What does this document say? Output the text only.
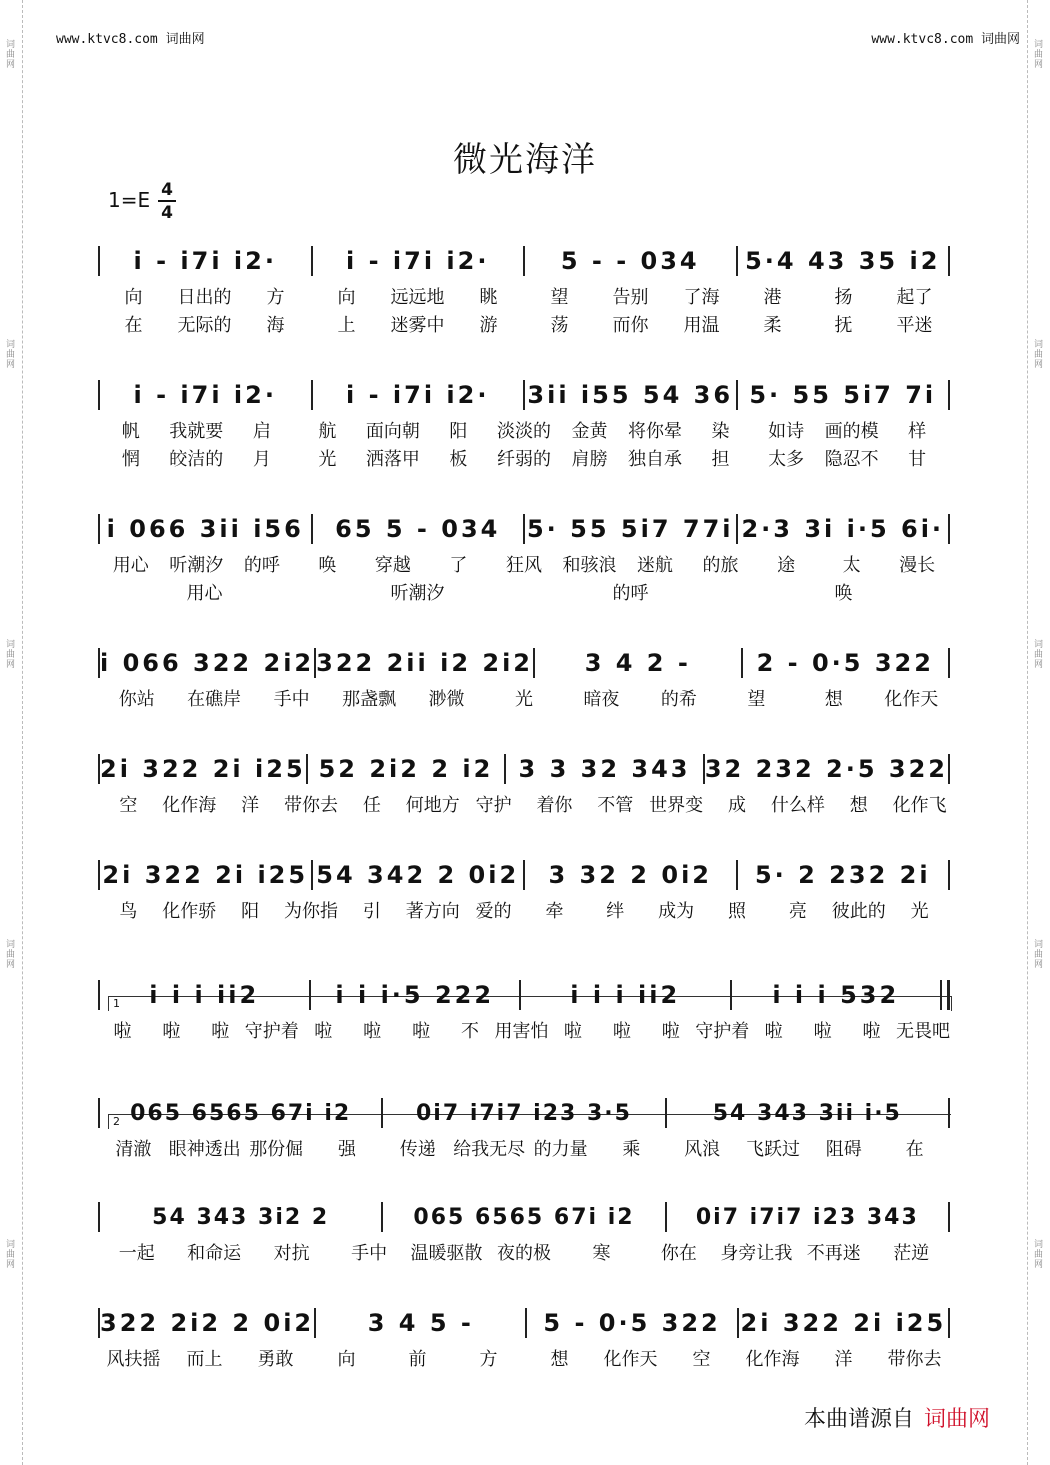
词曲网
词曲网
词曲网
词曲网
词曲网
词曲网
词曲网
词曲网
词曲网
词曲网
www.ktvc8.com 词曲网	www.ktvc8.com 词曲网
微光海洋
1=E 4
4
i - i7i i2·	i - i7i i2·	5 - - 034	5·4 43 35 i2
向	日出的	方	向	远远地	眺	望	告别	了海	港	扬	起了
在	无际的	海	上	迷雾中	游	荡	而你	用温	柔	抚	平迷
i - i7i i2·	i - i7i i2·	3ii i55 54 36 5· 55 5i7 7i
帆	我就要	启	航	面向朝	阳	淡淡的	金黄	将你晕	染	如诗	画的模	样
惘	皎洁的	月	光	洒落甲	板	纤弱的	肩膀	独自承	担	太多	隐忍不	甘
i 066 3ii i56	65 5 - 034	5· 55 5i7 77i 2·3 3i i·5 6i·
用心	听潮汐	的呼	唤	穿越	了	狂风	和骇浪	迷航	的旅	途	太	漫长
用心	听潮汐	的呼	唤
i 066 322 2i2 322 2ii i2 2i2	3 4 2 -	2 - 0·5 322
你站	在礁岸	手中	那盏飘	渺微	光	暗夜	的希	望	想	化作天
2i 322 2i i25 52 2i2 2 i2	3 3 32 343 32 232 2·5 322
空	化作海	洋	带你去	任	何地方 守护	着你	不管 世界变	成	什么样	想	化作飞
2i 322 2i i25 54 342 2 0i2	3 32 2 0i2	5· 2 232 2i
鸟	化作骄	阳	为你指	引	著方向 爱的	牵	绊	成为	照	亮	彼此的	光
1	i i i ii2	i i i·5 222	i i i ii2	i i i 532
啦	啦	啦 守护着 啦	啦	啦	不 用害怕 啦	啦	啦 守护着 啦	啦	啦 无畏吧
2 065 6565 67i i2	0i7 i7i7 i23 3·5	54 343 3ii i·5
清澈 眼神透出 那份倔	强	传递 给我无尽 的力量	乘	风浪	飞跃过	阻碍	在
54 343 3i2 2	065 6565 67i i2	0i7 i7i7 i23 343
一起	和命运	对抗	手中	温暖驱散 夜的极	寒	你在	身旁让我 不再迷	茫逆
322 2i2 2 0i2	3 4 5 -	5 - 0·5 322 2i 322 2i i25
风扶摇	而上	勇敢	向	前	方	想	化作天	空	化作海	洋	带你去
本曲谱源自 词曲网
